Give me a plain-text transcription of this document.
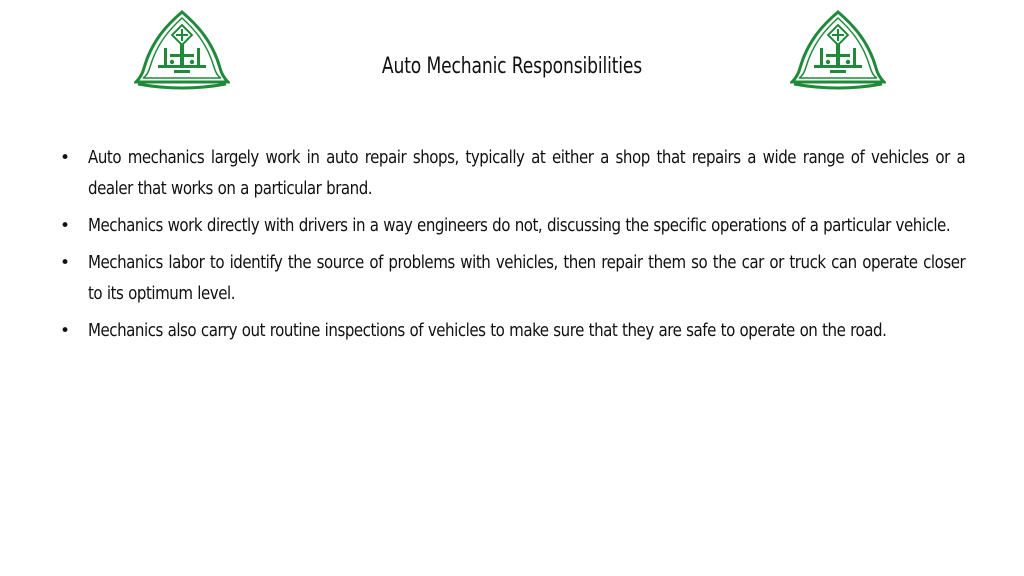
Auto Mechanic Responsibilities
• Auto mechanics largely work in auto repair shops, typically at either a shop that repairs a wide range of vehicles or a dealer that works on a particular brand.
• Mechanics work directly with drivers in a way engineers do not, discussing the specific operations of a particular vehicle.
• Mechanics labor to identify the source of problems with vehicles, then repair them so the car or truck can operate closer to its optimum level.
• Mechanics also carry out routine inspections of vehicles to make sure that they are safe to operate on the road.
